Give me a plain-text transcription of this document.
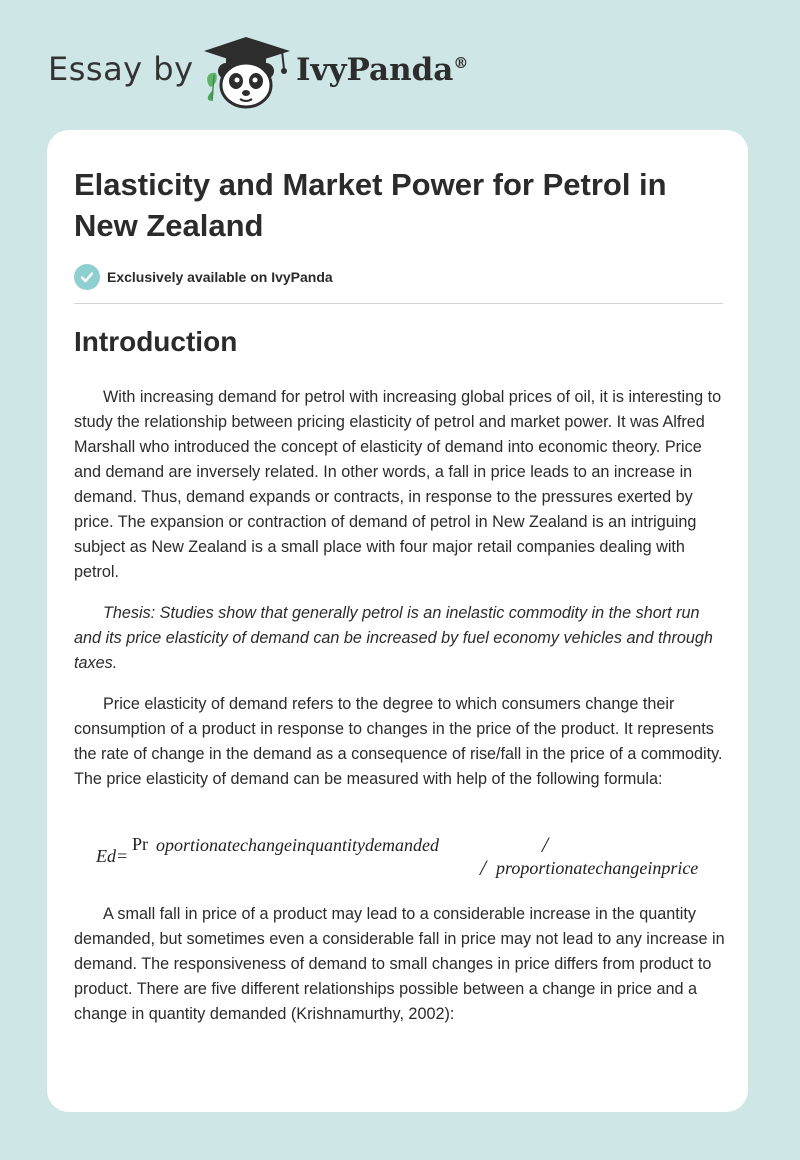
Essay by	IvyPanda®
Elasticity and Market Power for Petrol in New Zealand
Exclusively available on IvyPanda
Introduction

With increasing demand for petrol with increasing global prices of oil, it is interesting to study the relationship between pricing elasticity of petrol and market power. It was Alfred Marshall who introduced the concept of elasticity of demand into economic theory. Price and demand are inversely related. In other words, a fall in price leads to an increase in demand. Thus, demand expands or contracts, in response to the pressures exerted by price. The expansion or contraction of demand of petrol in New Zealand is an intriguing subject as New Zealand is a small place with four major retail companies dealing with petrol.

Thesis: Studies show that generally petrol is an inelastic commodity in the short run and its price elasticity of demand can be increased by fuel economy vehicles and through taxes.

Price elasticity of demand refers to the degree to which consumers change their consumption of a product in response to changes in the price of the product. It represents the rate of change in the demand as a consequence of rise/fall in the price of a commodity. The price elasticity of demand can be measured with help of the following formula:

Ed=
Pr oportionatechangeinquantitydemanded	/
/ proportionatechangeinprice

A small fall in price of a product may lead to a considerable increase in the quantity demanded, but sometimes even a considerable fall in price may not lead to any increase in demand. The responsiveness of demand to small changes in price differs from product to product. There are five different relationships possible between a change in price and a change in quantity demanded (Krishnamurthy, 2002):
